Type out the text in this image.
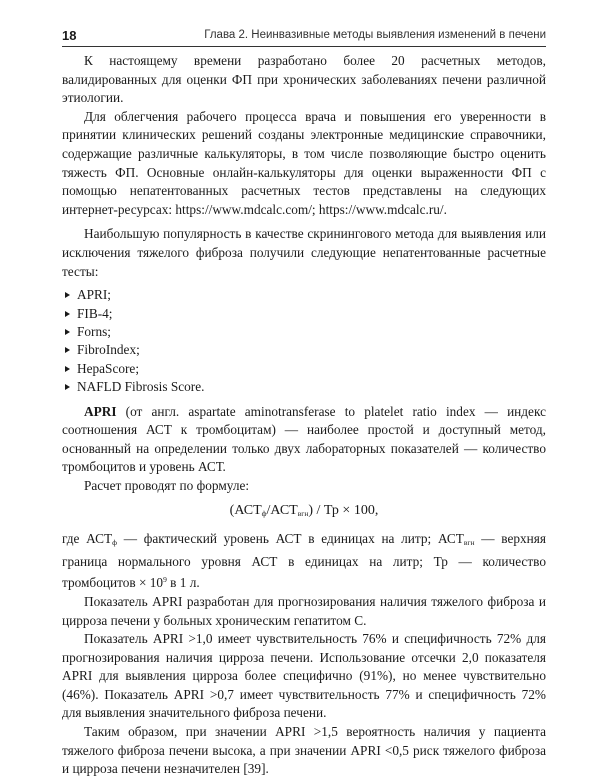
18	Глава 2. Неинвазивные методы выявления изменений в печени

К настоящему времени разработано более 20 расчетных методов, валидированных для оценки ФП при хронических заболеваниях печени различной этиологии.

Для облегчения рабочего процесса врача и повышения его уверенности в принятии клинических решений созданы электронные медицинские справочники, содержащие различные калькуляторы, в том числе позволяющие быстро оценить тяжесть ФП. Основные онлайн-калькуляторы для оценки выраженности ФП с помощью непатентованных расчетных тестов представлены на следующих интернет-ресурсах: https://www.mdcalc.com/; https://www.mdcalc.ru/.

Наибольшую популярность в качестве скринингового метода для выявления или исключения тяжелого фиброза получили следующие непатентованные расчетные тесты:

APRI;
FIB-4;
Forns;
FibroIndex;
HepaScore;
NAFLD Fibrosis Score.

APRI (от англ. aspartate aminotransferase to platelet ratio index — индекс соотношения АСТ к тромбоцитам) — наиболее простой и доступный метод, основанный на определении только двух лабораторных показателей — количество тромбоцитов и уровень АСТ.

Расчет проводят по формуле:

$(АСТ_ф/АСТ_{вгн})$ / Тр × 100,

где $АСТ_ф$ — фактический уровень АСТ в единицах на литр; $АСТ_{вгн}$ — верхняя граница нормального уровня АСТ в единицах на литр; Тр — количество тромбоцитов × $10^9$ в 1 л.

Показатель APRI разработан для прогнозирования наличия тяжелого фиброза и цирроза печени у больных хроническим гепатитом С.

Показатель APRI >1,0 имеет чувствительность 76% и специфичность 72% для прогнозирования наличия цирроза печени. Использование отсечки 2,0 показателя APRI для выявления цирроза более специфично (91%), но менее чувствительно (46%). Показатель APRI >0,7 имеет чувствительность 77% и специфичность 72% для выявления значительного фиброза печени.

Таким образом, при значении APRI >1,5 вероятность наличия у пациента тяжелого фиброза печени высока, а при значении APRI <0,5 риск тяжелого фиброза и цирроза печени незначителен [39].
